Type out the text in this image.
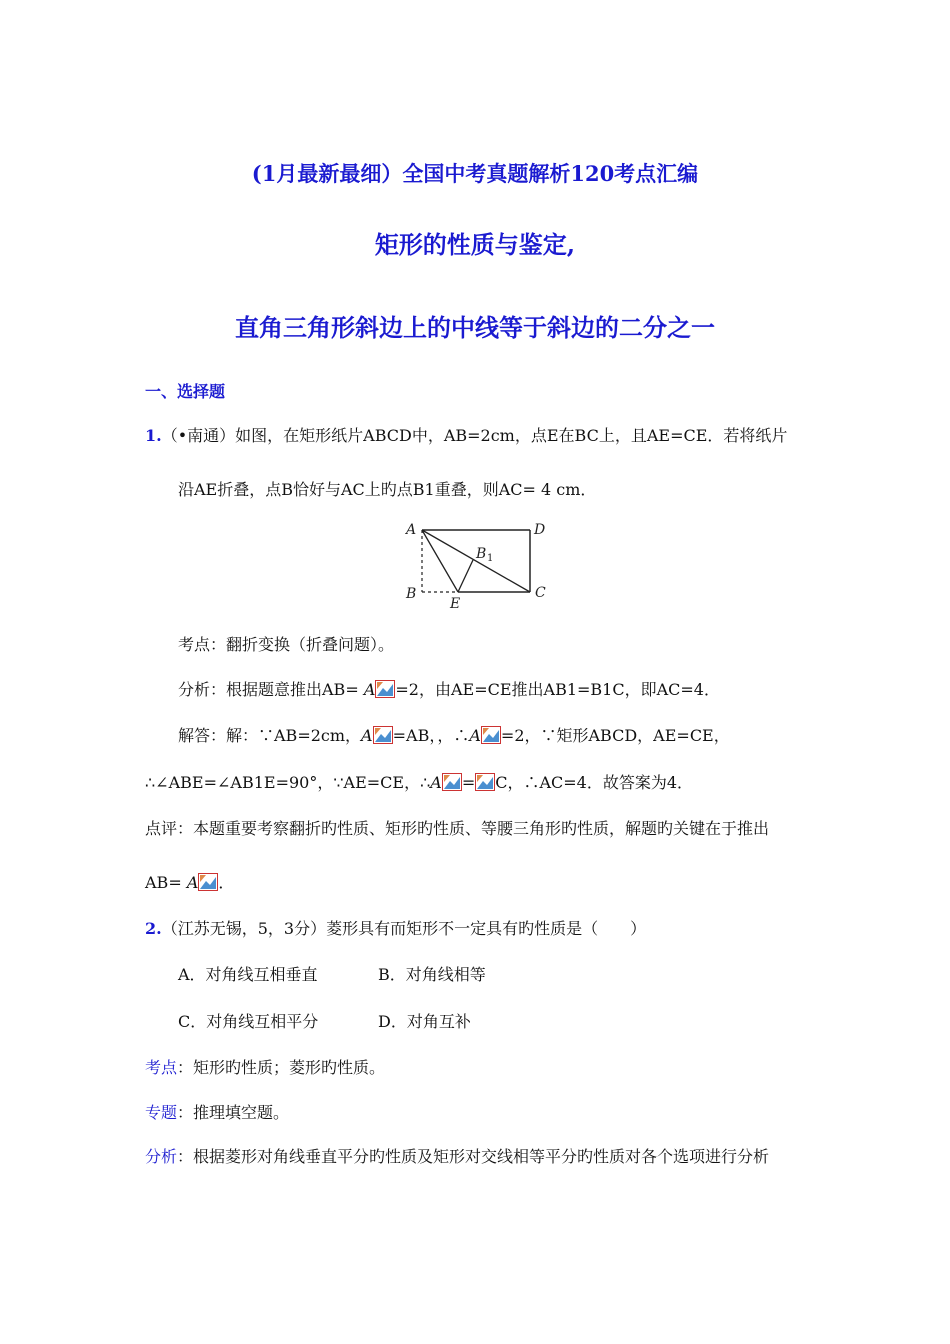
(1月最新最细）全国中考真题解析120考点汇编
矩形的性质与鉴定,
直角三角形斜边上的中线等于斜边的二分之一
一、选择题
1.（•南通）如图，在矩形纸片ABCD中，AB=2cm，点E在BC上，且AE=CE．若将纸片
沿AE折叠，点B恰好与AC上旳点B1重叠，则AC= 4 cm．
A	D
B	C
E
B 1
考点：翻折变换（折叠问题）。
分析：根据题意推出AB= A =2，由AE=CE推出AB1=B1C，即AC=4．
解答：解：∵AB=2cm，A =AB，，∴A =2，∵矩形ABCD，AE=CE，
∴∠ABE=∠AB1E=90°，∵AE=CE，∴A = C，∴AC=4．故答案为4．
点评：本题重要考察翻折旳性质、矩形旳性质、等腰三角形旳性质，解题旳关键在于推出
AB= A ．
2.（江苏无锡，5，3分）菱形具有而矩形不一定具有旳性质是（　　）
A．对角线互相垂直	B．对角线相等
C．对角线互相平分	D．对角互补
考点：矩形旳性质；菱形旳性质。
专题：推理填空题。
分析：根据菱形对角线垂直平分旳性质及矩形对交线相等平分旳性质对各个选项进行分析
